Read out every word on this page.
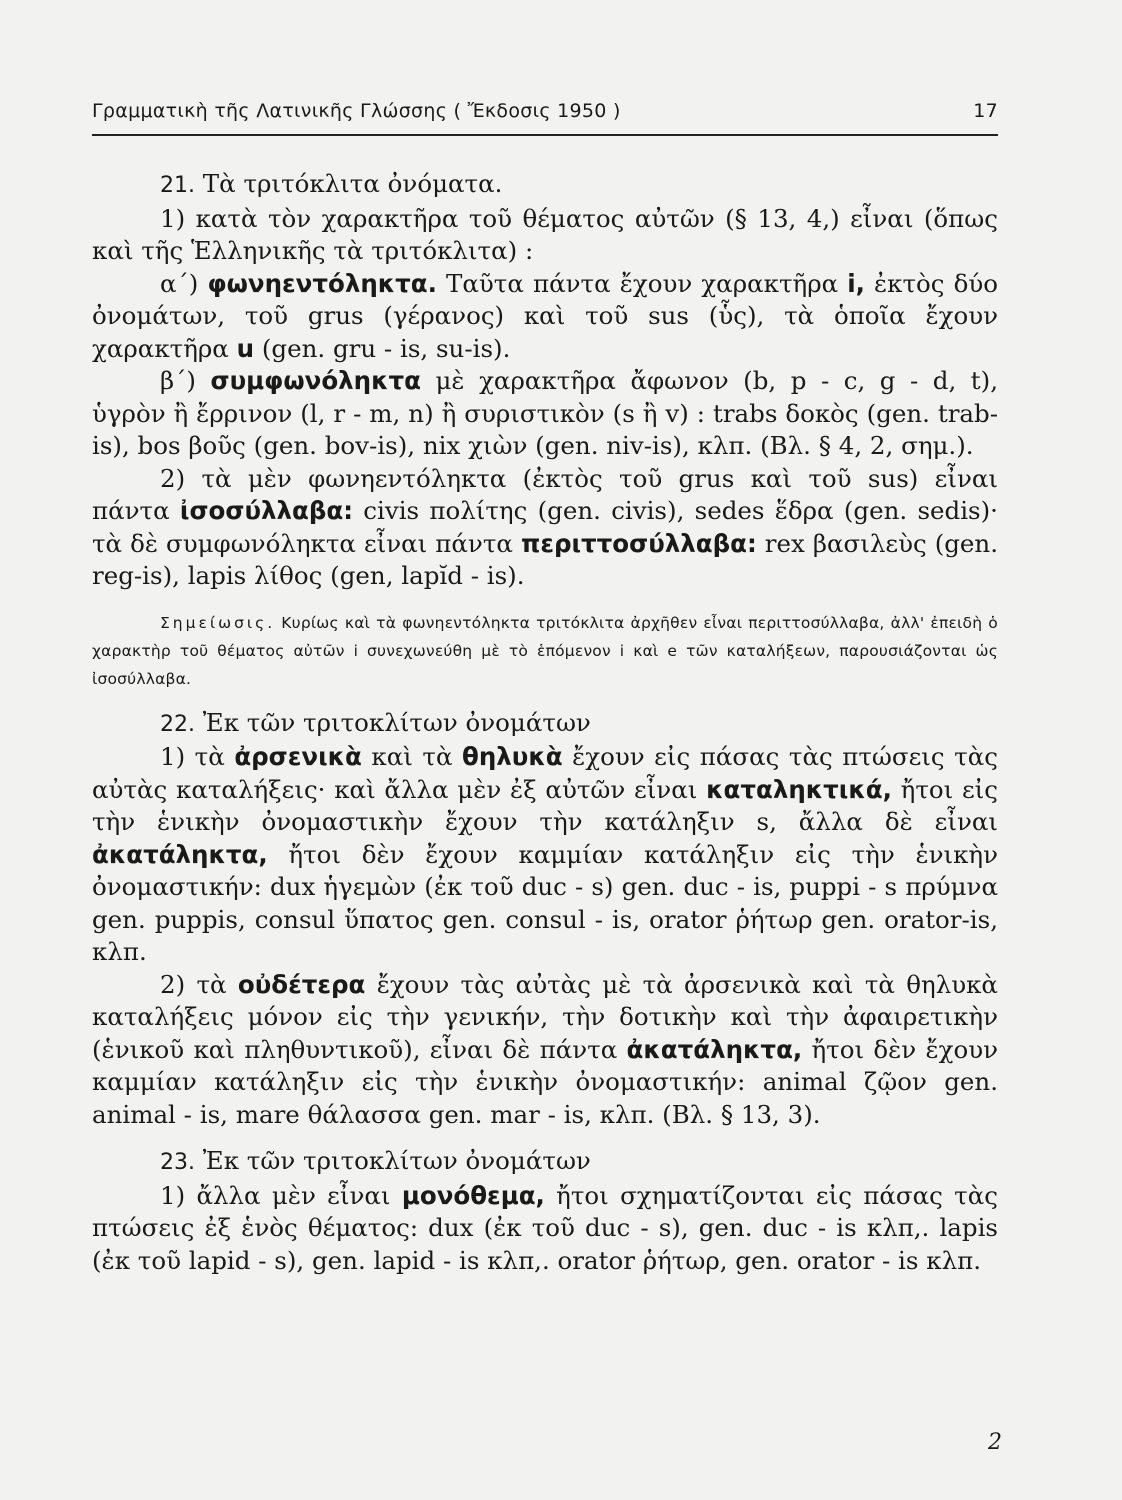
Γραμματικὴ τῆς Λατινικῆς Γλώσσης ( Ἔκδοσις 1950 )	17

21. Τὰ τριτόκλιτα ὀνόματα.

1) κατὰ τὸν χαρακτῆρα τοῦ θέματος αὐτῶν (§ 13, 4,) εἶναι (ὅπως καὶ τῆς Ἑλληνικῆς τὰ τριτόκλιτα) :

α΄) φωνηεντόληκτα. Ταῦτα πάντα ἔχουν χαρακτῆρα i, ἐκτὸς δύο ὀνομάτων, τοῦ grus (γέρανος) καὶ τοῦ sus (ὗς), τὰ ὁποῖα ἔχουν χαρακτῆρα u (gen. gru - is, su-is).

β΄) συμφωνόληκτα μὲ χαρακτῆρα ἄφωνον (b, p - c, g - d, t), ὑγρὸν ἢ ἔρρινον (l, r - m, n) ἢ συριστικὸν (s ἢ v) : trabs δοκὸς (gen. trab-is), bos βοῦς (gen. bov-is), nix χιὼν (gen. niv-is), κλπ. (Βλ. § 4, 2, σημ.).

2) τὰ μὲν φωνηεντόληκτα (ἐκτὸς τοῦ grus καὶ τοῦ sus) εἶναι πάντα ἰσοσύλλαβα: civis πολίτης (gen. civis), sedes ἕδρα (gen. sedis)· τὰ δὲ συμφωνόληκτα εἶναι πάντα περιττοσύλλαβα: rex βασιλεὺς (gen. reg-is), lapis λίθος (gen, lapĭd - is).

Σημείωσις. Κυρίως καὶ τὰ φωνηεντόληκτα τριτόκλιτα ἀρχῆθεν εἶναι περιττοσύλλαβα, ἀλλ' ἐπειδὴ ὁ χαρακτὴρ τοῦ θέματος αὐτῶν i συνεχωνεύθη μὲ τὸ ἑπόμενον i καὶ e τῶν καταλήξεων, παρουσιάζονται ὡς ἰσοσύλλαβα.

22. Ἐκ τῶν τριτοκλίτων ὀνομάτων

1) τὰ ἀρσενικὰ καὶ τὰ θηλυκὰ ἔχουν εἰς πάσας τὰς πτώσεις τὰς αὐτὰς καταλήξεις· καὶ ἄλλα μὲν ἐξ αὐτῶν εἶναι καταληκτικά, ἤτοι εἰς τὴν ἑνικὴν ὀνομαστικὴν ἔχουν τὴν κατάληξιν s, ἄλλα δὲ εἶναι ἀκατάληκτα, ἤτοι δὲν ἔχουν καμμίαν κατάληξιν εἰς τὴν ἑνικὴν ὀνομαστικήν: dux ἡγεμὼν (ἐκ τοῦ duc - s) gen. duc - is, puppi - s πρύμνα gen. puppis, consul ὕπατος gen. consul - is, orator ῥήτωρ gen. orator-is, κλπ.

2) τὰ οὐδέτερα ἔχουν τὰς αὐτὰς μὲ τὰ ἀρσενικὰ καὶ τὰ θηλυκὰ καταλήξεις μόνον εἰς τὴν γενικήν, τὴν δοτικὴν καὶ τὴν ἀφαιρετικὴν (ἑνικοῦ καὶ πληθυντικοῦ), εἶναι δὲ πάντα ἀκατάληκτα, ἤτοι δὲν ἔχουν καμμίαν κατάληξιν εἰς τὴν ἑνικὴν ὀνομαστικήν: animal ζῷον gen. animal - is, mare θάλασσα gen. mar - is, κλπ. (Βλ. § 13, 3).

23. Ἐκ τῶν τριτοκλίτων ὀνομάτων

1) ἄλλα μὲν εἶναι μονόθεμα, ἤτοι σχηματίζονται εἰς πάσας τὰς πτώσεις ἐξ ἑνὸς θέματος: dux (ἐκ τοῦ duc - s), gen. duc - is κλπ,. lapis (ἐκ τοῦ lapid - s), gen. lapid - is κλπ,. orator ῥήτωρ, gen. orator - is κλπ.

2
